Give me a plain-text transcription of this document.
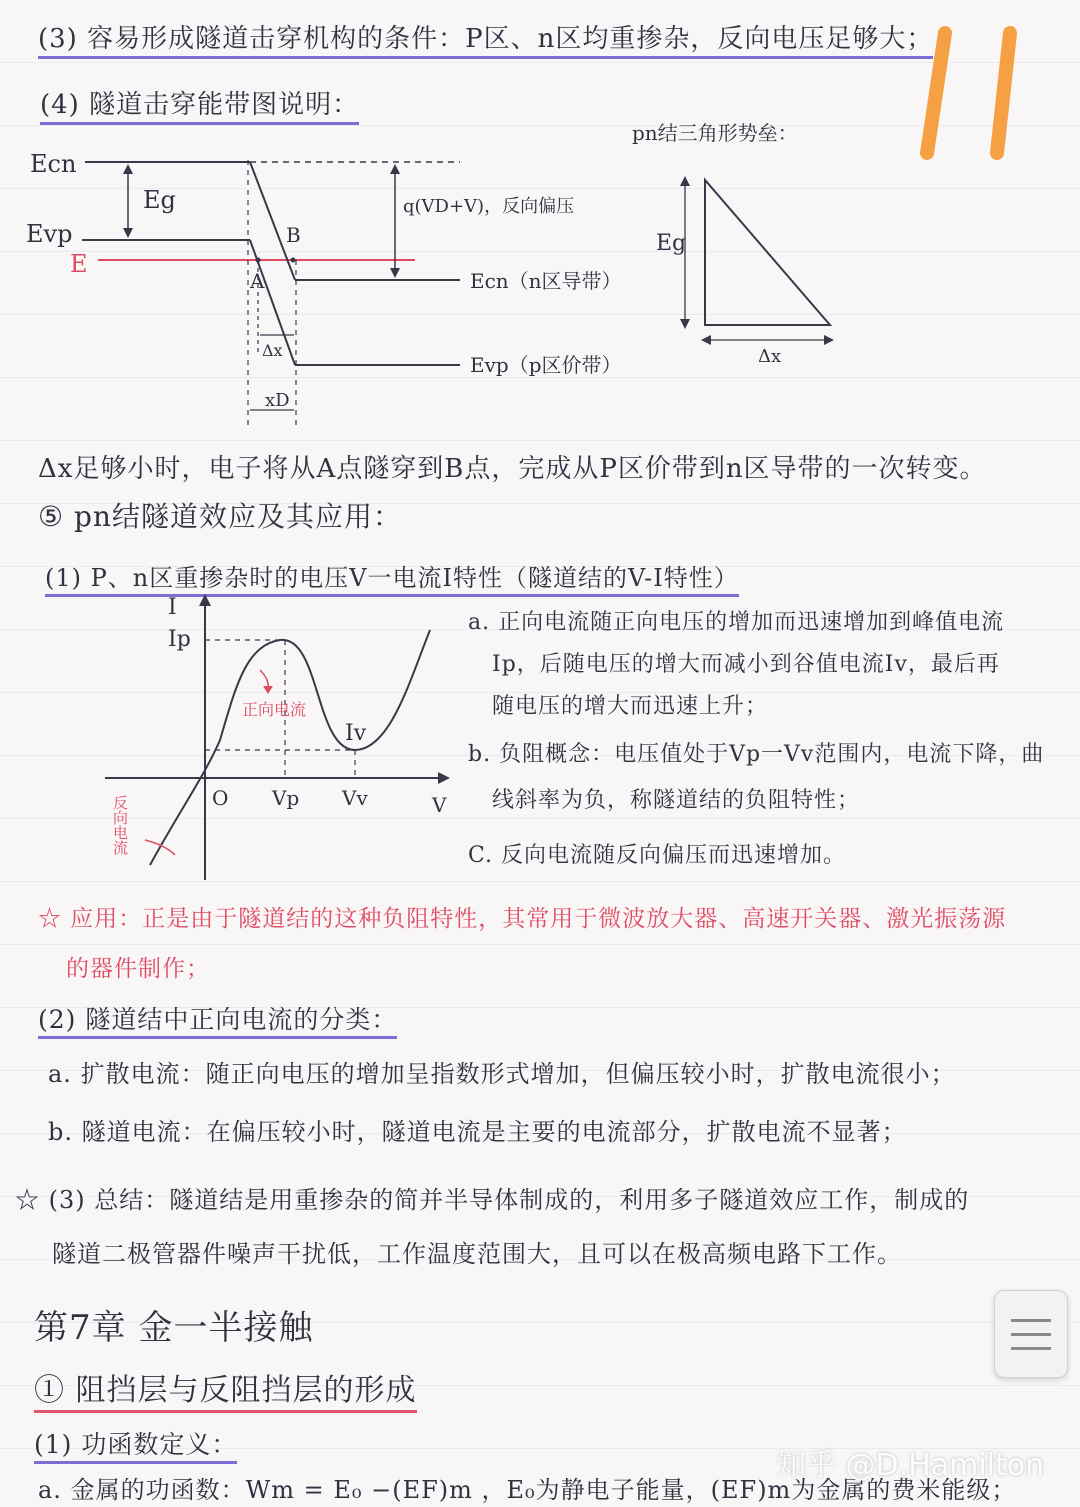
(3) 容易形成隧道击穿机构的条件：P区、n区均重掺杂，反向电压足够大；
(4) 隧道击穿能带图说明：
Ecn
Evp
E
Eg
B
A
q(VD+V)，反向偏压
Ecn（n区导带）
Evp（p区价带）
Δx
xD
pn结三角形势垒：
Eg
Δx
Δx足够小时，电子将从A点隧穿到B点，完成从P区价带到n区导带的一次转变。
⑤ pn结隧道效应及其应用：
(1) P、n区重掺杂时的电压V一电流I特性（隧道结的V-I特性）
I
Ip
Iv
O Vp Vv	V
正向电流
反向电流
a. 正向电流随正向电压的增加而迅速增加到峰值电流
Ip，后随电压的增大而减小到谷值电流Iv，最后再
随电压的增大而迅速上升；
b. 负阻概念：电压值处于Vp一Vv范围内，电流下降，曲
线斜率为负，称隧道结的负阻特性；
C. 反向电流随反向偏压而迅速增加。
☆ 应用：正是由于隧道结的这种负阻特性，其常用于微波放大器、高速开关器、激光振荡源
的器件制作；
(2) 隧道结中正向电流的分类：
a. 扩散电流：随正向电压的增加呈指数形式增加，但偏压较小时，扩散电流很小；
b. 隧道电流：在偏压较小时，隧道电流是主要的电流部分，扩散电流不显著；
☆ (3) 总结：隧道结是用重掺杂的简并半导体制成的，利用多子隧道效应工作，制成的
隧道二极管器件噪声干扰低，工作温度范围大，且可以在极高频电路下工作。
第7章 金一半接触
① 阻挡层与反阻挡层的形成
(1) 功函数定义：
a. 金属的功函数：Wm = E₀ −(EF)m ，E₀为静电子能量，(EF)m为金属的费米能级；
知乎 @D.Hamilton
